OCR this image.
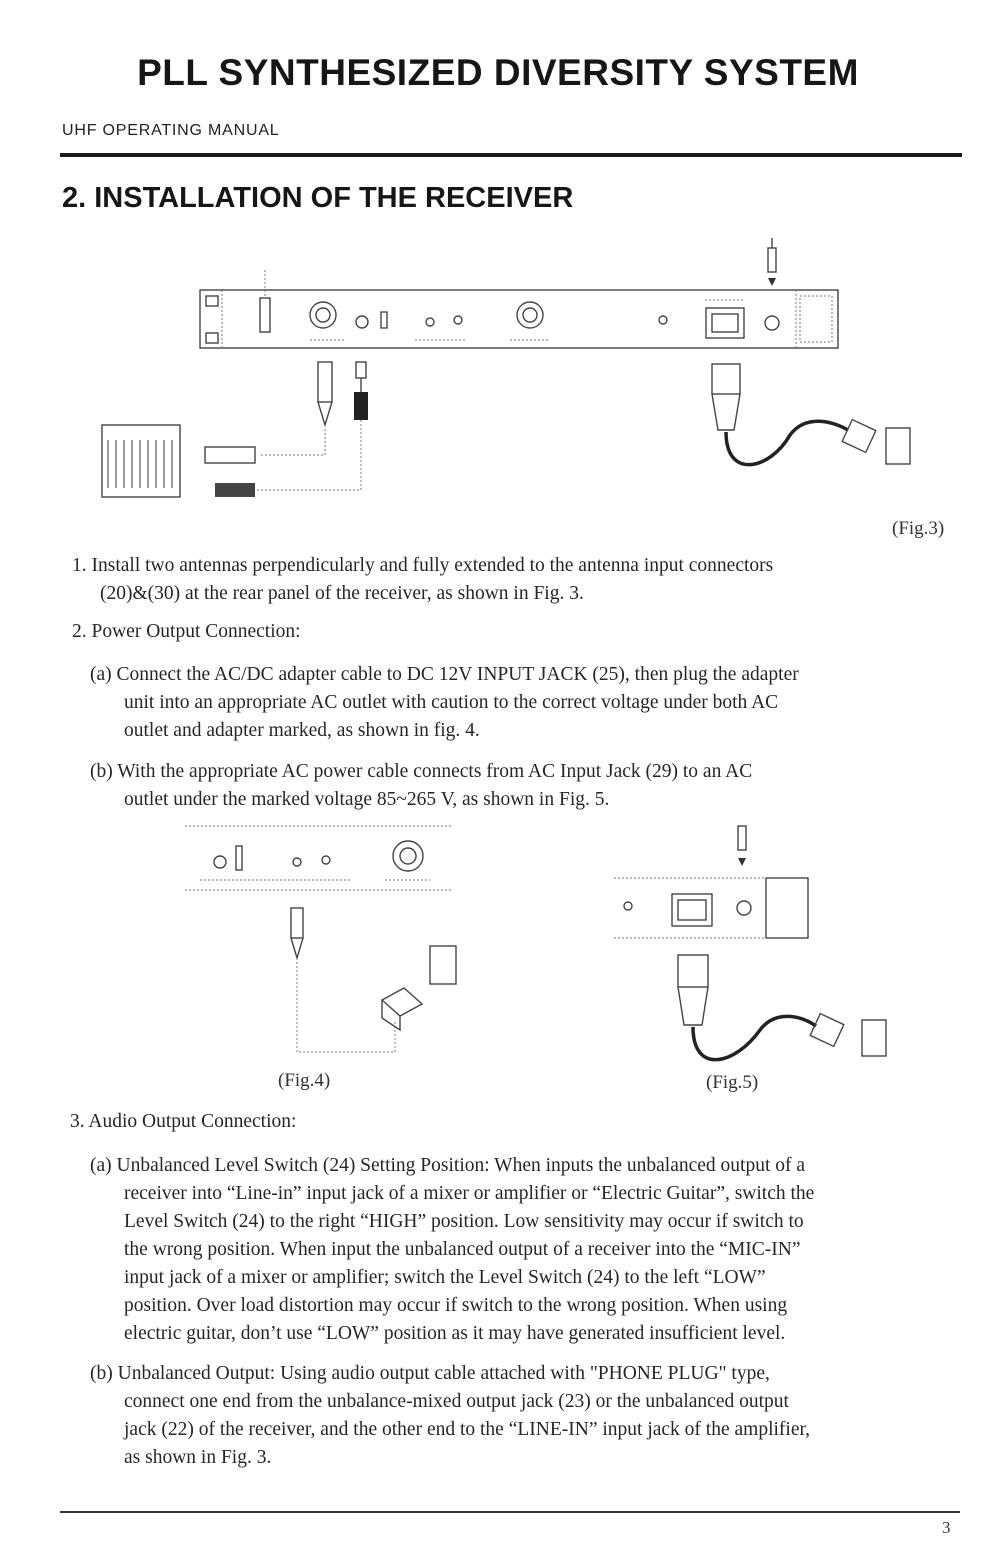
PLL SYNTHESIZED DIVERSITY SYSTEM
UHF OPERATING MANUAL
2. INSTALLATION OF THE RECEIVER
(Fig.3)
(Fig.4)	(Fig.5)

1. Install two antennas perpendicularly and fully extended to the antenna input connectors

(20)&(30) at the rear panel of the receiver, as shown in Fig. 3.

2. Power Output Connection:

(a) Connect the AC/DC adapter cable to DC 12V INPUT JACK (25), then plug the adapter

unit into an appropriate AC outlet with caution to the correct voltage under both AC

outlet and adapter marked, as shown in fig. 4.

(b) With the appropriate AC power cable connects from AC Input Jack (29) to an AC

outlet under the marked voltage 85~265 V, as shown in Fig. 5.

3. Audio Output Connection:

(a) Unbalanced Level Switch (24) Setting Position: When inputs the unbalanced output of a

receiver into “Line-in” input jack of a mixer or amplifier or “Electric Guitar”, switch the

Level Switch (24) to the right “HIGH” position. Low sensitivity may occur if switch to

the wrong position. When input the unbalanced output of a receiver into the “MIC-IN”

input jack of a mixer or amplifier; switch the Level Switch (24) to the left “LOW”

position. Over load distortion may occur if switch to the wrong position. When using

electric guitar, don’t use “LOW” position as it may have generated insufficient level.

(b) Unbalanced Output: Using audio output cable attached with "PHONE PLUG" type,

connect one end from the unbalance-mixed output jack (23) or the unbalanced output

jack (22) of the receiver, and the other end to the “LINE-IN” input jack of the amplifier,

as shown in Fig. 3.

3
